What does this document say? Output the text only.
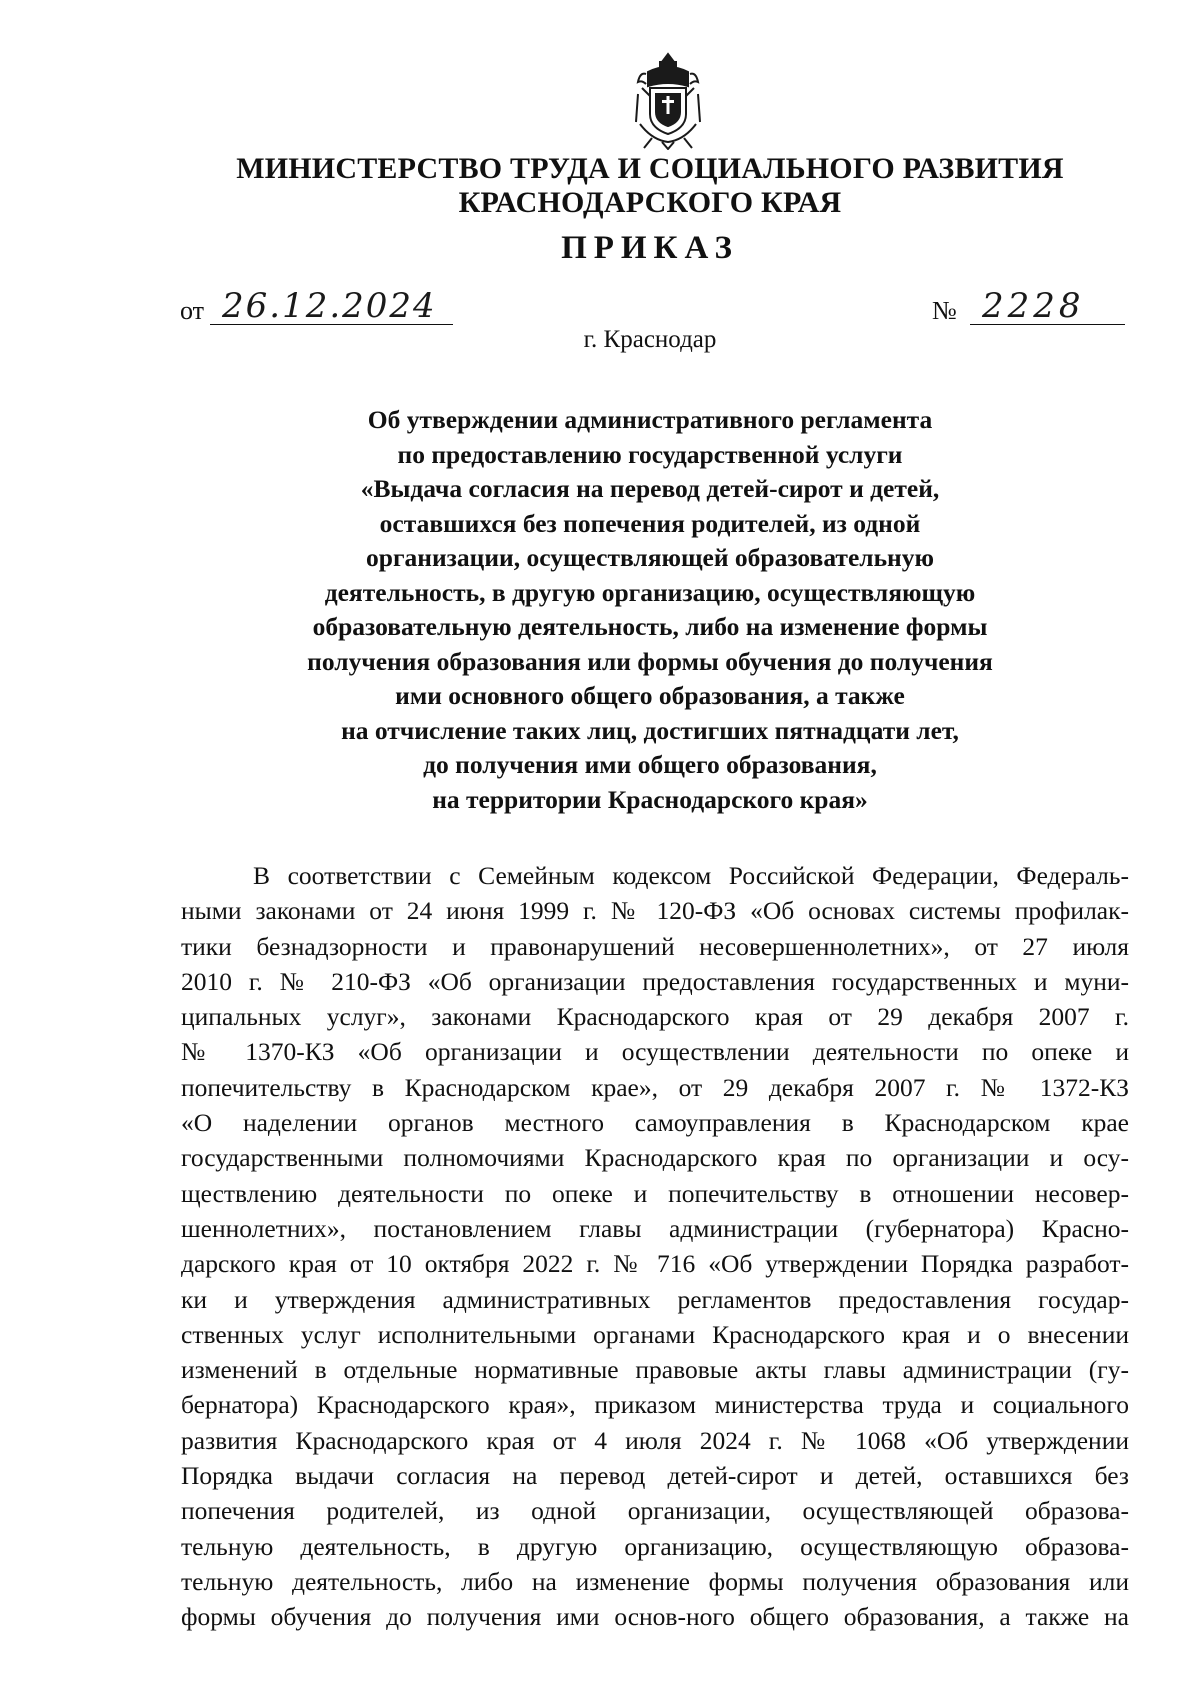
МИНИСТЕРСТВО ТРУДА И СОЦИАЛЬНОГО РАЗВИТИЯ
КРАСНОДАРСКОГО КРАЯ
ПРИКАЗ
от 26.12.2024	№ 2228
г. Краснодар
Об утверждении административного регламента
по предоставлению государственной услуги
«Выдача согласия на перевод детей-сирот и детей,
оставшихся без попечения родителей, из одной
организации, осуществляющей образовательную
деятельность, в другую организацию, осуществляющую
образовательную деятельность, либо на изменение формы
получения образования или формы обучения до получения
ими основного общего образования, а также
на отчисление таких лиц, достигших пятнадцати лет,
до получения ими общего образования,
на территории Краснодарского края»
В соответствии с Семейным кодексом Российской Федерации, Федераль-
ными законами от 24 июня 1999 г. № 120-ФЗ «Об основах системы профилак-
тики безнадзорности и правонарушений несовершеннолетних», от 27 июля
2010 г. № 210-ФЗ «Об организации предоставления государственных и муни-
ципальных услуг», законами Краснодарского края от 29 декабря 2007 г.
№ 1370-КЗ «Об организации и осуществлении деятельности по опеке и
попечительству в Краснодарском крае», от 29 декабря 2007 г. № 1372-КЗ
«О наделении органов местного самоуправления в Краснодарском крае
государственными полномочиями Краснодарского края по организации и осу-
ществлению деятельности по опеке и попечительству в отношении несовер-
шеннолетних», постановлением главы администрации (губернатора) Красно-
дарского края от 10 октября 2022 г. № 716 «Об утверждении Порядка разработ-
ки и утверждения административных регламентов предоставления государ-
ственных услуг исполнительными органами Краснодарского края и о внесении
изменений в отдельные нормативные правовые акты главы администрации (гу-
бернатора) Краснодарского края», приказом министерства труда и социального
развития Краснодарского края от 4 июля 2024 г. № 1068 «Об утверждении
Порядка выдачи согласия на перевод детей-сирот и детей, оставшихся без
попечения родителей, из одной организации, осуществляющей образова-
тельную деятельность, в другую организацию, осуществляющую образова-
тельную деятельность, либо на изменение формы получения образования или
формы обучения до получения ими основ-ного общего образования, а также на
